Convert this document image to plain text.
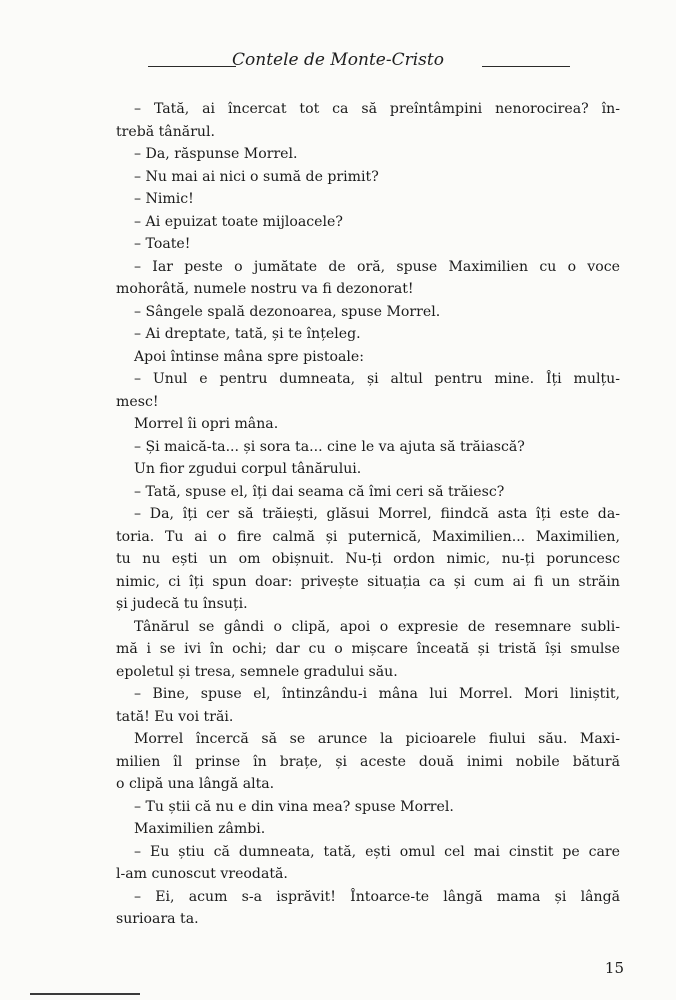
Contele de Monte-Cristo
– Tată, ai încercat tot ca să preîntâmpini nenorocirea? în-
trebă tânărul.
– Da, răspunse Morrel.
– Nu mai ai nici o sumă de primit?
– Nimic!
– Ai epuizat toate mijloacele?
– Toate!
– Iar peste o jumătate de oră, spuse Maximilien cu o voce
mohorâtă, numele nostru va fi dezonorat!
– Sângele spală dezonoarea, spuse Morrel.
– Ai dreptate, tată, și te înțeleg.
Apoi întinse mâna spre pistoale:
– Unul e pentru dumneata, și altul pentru mine. Îți mulțu-
mesc!
Morrel îi opri mâna.
– Și maică-ta... și sora ta... cine le va ajuta să trăiască?
Un fior zgudui corpul tânărului.
– Tată, spuse el, îți dai seama că îmi ceri să trăiesc?
– Da, îți cer să trăiești, glăsui Morrel, fiindcă asta îți este da-
toria. Tu ai o fire calmă și puternică, Maximilien... Maximilien,
tu nu ești un om obișnuit. Nu-ți ordon nimic, nu-ți poruncesc
nimic, ci îți spun doar: privește situația ca și cum ai fi un străin
și judecă tu însuți.
Tânărul se gândi o clipă, apoi o expresie de resemnare subli-
mă i se ivi în ochi; dar cu o mișcare înceată și tristă își smulse
epoletul și tresa, semnele gradului său.
– Bine, spuse el, întinzându-i mâna lui Morrel. Mori liniștit,
tată! Eu voi trăi.
Morrel încercă să se arunce la picioarele fiului său. Maxi-
milien îl prinse în brațe, și aceste două inimi nobile bătură
o clipă una lângă alta.
– Tu știi că nu e din vina mea? spuse Morrel.
Maximilien zâmbi.
– Eu știu că dumneata, tată, ești omul cel mai cinstit pe care
l-am cunoscut vreodată.
– Ei, acum s-a isprăvit! Întoarce-te lângă mama și lângă
surioara ta.
15
